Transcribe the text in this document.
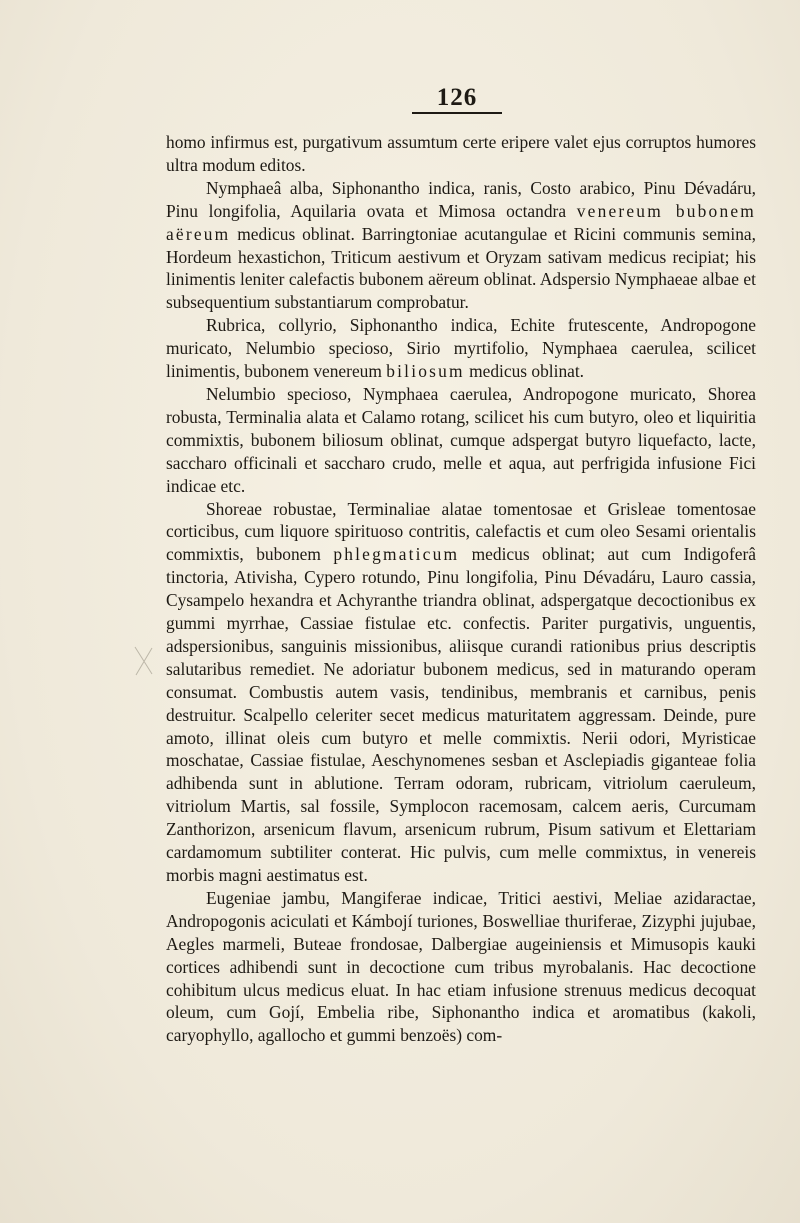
126

homo infirmus est, purgativum assumtum certe eripere valet ejus corruptos humores ultra modum editos.

Nymphaeâ alba, Siphonantho indica, ranis, Costo arabico, Pinu Dévadáru, Pinu longifolia, Aquilaria ovata et Mimosa octandra venereum bubonem aëreum medicus oblinat. Barringtoniae acutangulae et Ricini communis semina, Hordeum hexastichon, Triticum aestivum et Oryzam sativam medicus recipiat; his linimentis leniter calefactis bubonem aëreum oblinat. Adspersio Nymphaeae albae et subsequentium substantiarum comprobatur.

Rubrica, collyrio, Siphonantho indica, Echite frutescente, Andropogone muricato, Nelumbio specioso, Sirio myrtifolio, Nymphaea caerulea, scilicet linimentis, bubonem venereum biliosum medicus oblinat.

Nelumbio specioso, Nymphaea caerulea, Andropogone muricato, Shorea robusta, Terminalia alata et Calamo rotang, scilicet his cum butyro, oleo et liquiritia commixtis, bubonem biliosum oblinat, cumque adspergat butyro liquefacto, lacte, saccharo officinali et saccharo crudo, melle et aqua, aut perfrigida infusione Fici indicae etc.

Shoreae robustae, Terminaliae alatae tomentosae et Grisleae tomentosae corticibus, cum liquore spirituoso contritis, calefactis et cum oleo Sesami orientalis commixtis, bubonem phlegmaticum medicus oblinat; aut cum Indigoferâ tinctoria, Ativisha, Cypero rotundo, Pinu longifolia, Pinu Dévadáru, Lauro cassia, Cysampelo hexandra et Achyranthe triandra oblinat, adspergatque decoctionibus ex gummi myrrhae, Cassiae fistulae etc. confectis. Pariter purgativis, unguentis, adspersionibus, sanguinis missionibus, aliisque curandi rationibus prius descriptis salutaribus remediet. Ne adoriatur bubonem medicus, sed in maturando operam consumat. Combustis autem vasis, tendinibus, membranis et carnibus, penis destruitur. Scalpello celeriter secet medicus maturitatem aggressam. Deinde, pure amoto, illinat oleis cum butyro et melle commixtis. Nerii odori, Myristicae moschatae, Cassiae fistulae, Aeschynomenes sesban et Asclepiadis giganteae folia adhibenda sunt in ablutione. Terram odoram, rubricam, vitriolum caeruleum, vitriolum Martis, sal fossile, Symplocon racemosam, calcem aeris, Curcumam Zanthorizon, arsenicum flavum, arsenicum rubrum, Pisum sativum et Elettariam cardamomum subtiliter conterat. Hic pulvis, cum melle commixtus, in venereis morbis magni aestimatus est.

Eugeniae jambu, Mangiferae indicae, Tritici aestivi, Meliae azidaractae, Andropogonis aciculati et Kámbojí turiones, Boswelliae thuriferae, Zizyphi jujubae, Aegles marmeli, Buteae frondosae, Dalbergiae augeiniensis et Mimusopis kauki cortices adhibendi sunt in decoctione cum tribus myrobalanis. Hac decoctione cohibitum ulcus medicus eluat. In hac etiam infusione strenuus medicus decoquat oleum, cum Gojí, Embelia ribe, Siphonantho indica et aromatibus (kakoli, caryophyllo, agallocho et gummi benzoës) com-
